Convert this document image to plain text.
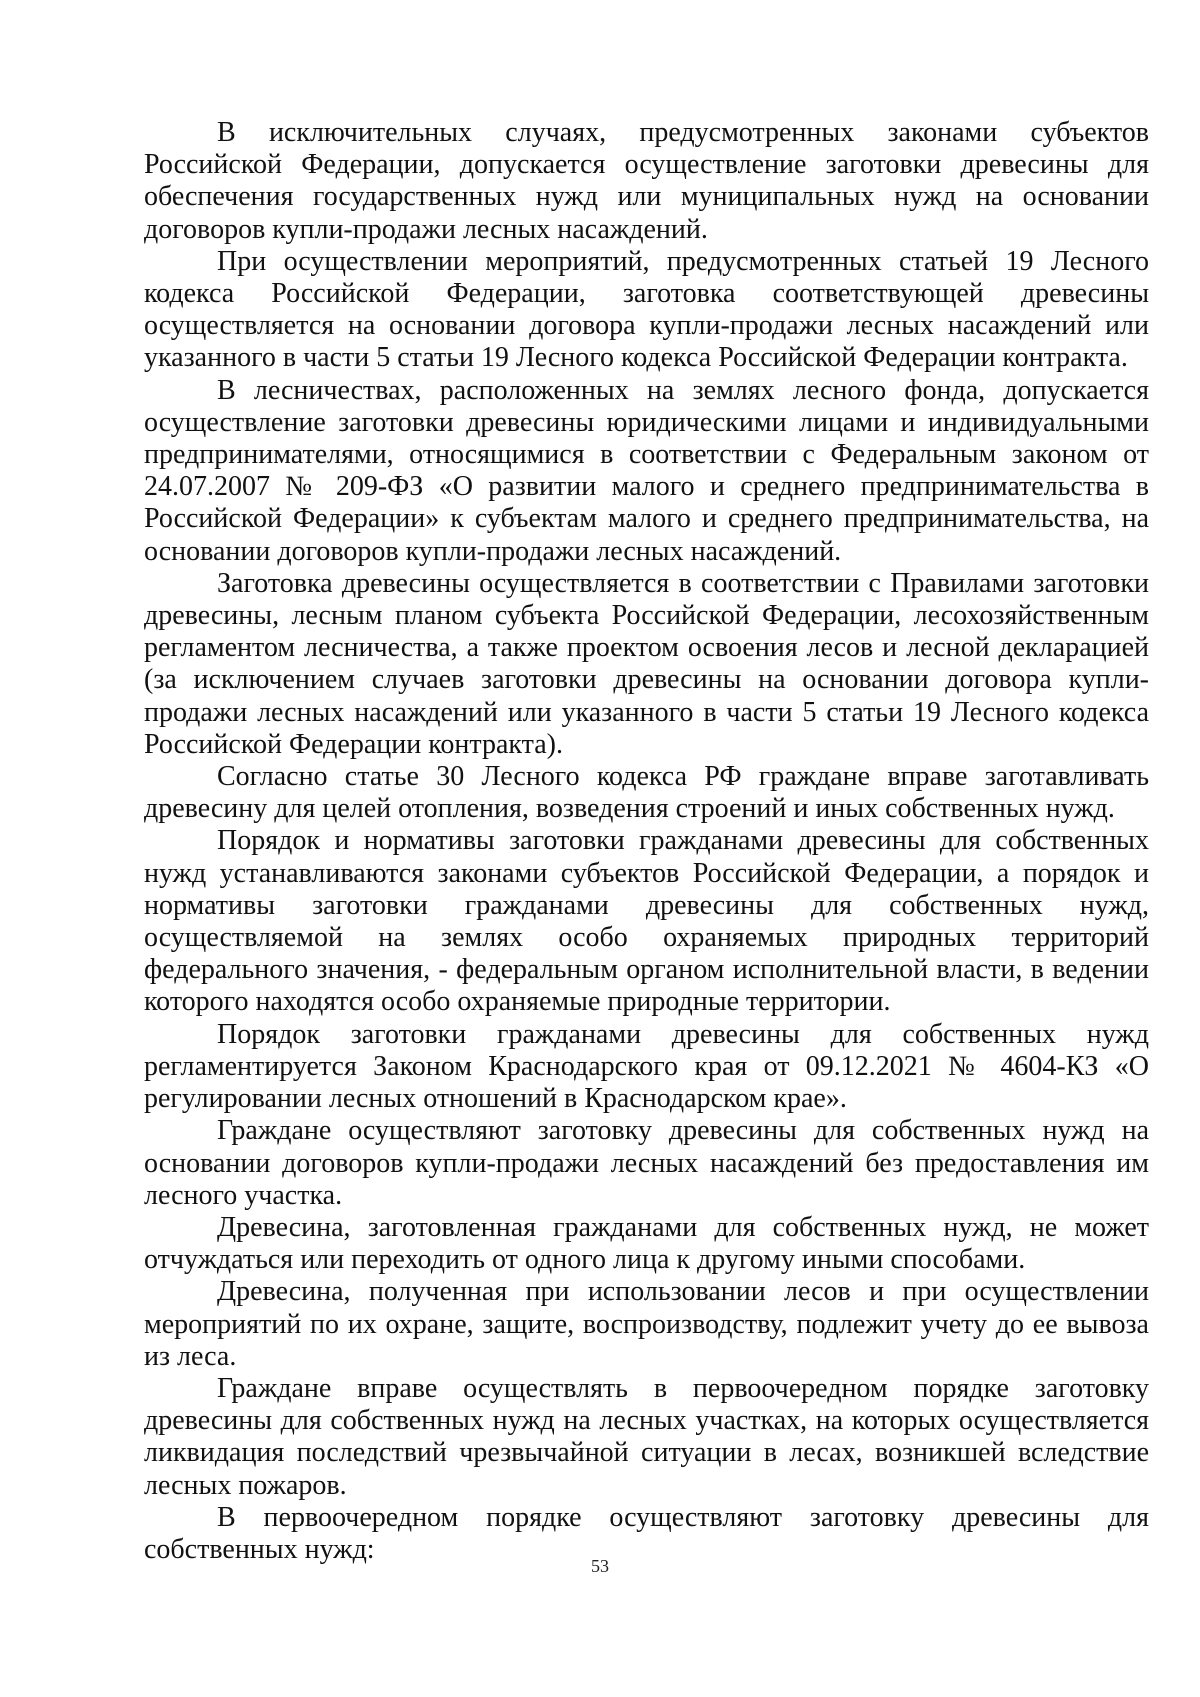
В исключительных случаях, предусмотренных законами субъектов Российской Федерации, допускается осуществление заготовки древесины для обеспечения государственных нужд или муниципальных нужд на основании договоров купли-продажи лесных насаждений.

При осуществлении мероприятий, предусмотренных статьей 19 Лесного кодекса Российской Федерации, заготовка соответствующей древесины осуществляется на основании договора купли-продажи лесных насаждений или указанного в части 5 статьи 19 Лесного кодекса Российской Федерации контракта.

В лесничествах, расположенных на землях лесного фонда, допускается осуществление заготовки древесины юридическими лицами и индивидуальными предпринимателями, относящимися в соответствии с Федеральным законом от 24.07.2007 № 209-ФЗ «О развитии малого и среднего предпринимательства в Российской Федерации» к субъектам малого и среднего предпринимательства, на основании договоров купли-продажи лесных насаждений.

Заготовка древесины осуществляется в соответствии с Правилами заготовки древесины, лесным планом субъекта Российской Федерации, лесохозяйственным регламентом лесничества, а также проектом освоения лесов и лесной декларацией (за исключением случаев заготовки древесины на основании договора купли-продажи лесных насаждений или указанного в части 5 статьи 19 Лесного кодекса Российской Федерации контракта).

Согласно статье 30 Лесного кодекса РФ граждане вправе заготавливать древесину для целей отопления, возведения строений и иных собственных нужд.

Порядок и нормативы заготовки гражданами древесины для собственных нужд устанавливаются законами субъектов Российской Федерации, а порядок и нормативы заготовки гражданами древесины для собственных нужд, осуществляемой на землях особо охраняемых природных территорий федерального значения, - федеральным органом исполнительной власти, в ведении которого находятся особо охраняемые природные территории.

Порядок заготовки гражданами древесины для собственных нужд регламентируется Законом Краснодарского края от 09.12.2021 № 4604-КЗ «О регулировании лесных отношений в Краснодарском крае».

Граждане осуществляют заготовку древесины для собственных нужд на основании договоров купли-продажи лесных насаждений без предоставления им лесного участка.

Древесина, заготовленная гражданами для собственных нужд, не может отчуждаться или переходить от одного лица к другому иными способами.

Древесина, полученная при использовании лесов и при осуществлении мероприятий по их охране, защите, воспроизводству, подлежит учету до ее вывоза из леса.

Граждане вправе осуществлять в первоочередном порядке заготовку древесины для собственных нужд на лесных участках, на которых осуществляется ликвидация последствий чрезвычайной ситуации в лесах, возникшей вследствие лесных пожаров.

В первоочередном порядке осуществляют заготовку древесины для собственных нужд:

53
